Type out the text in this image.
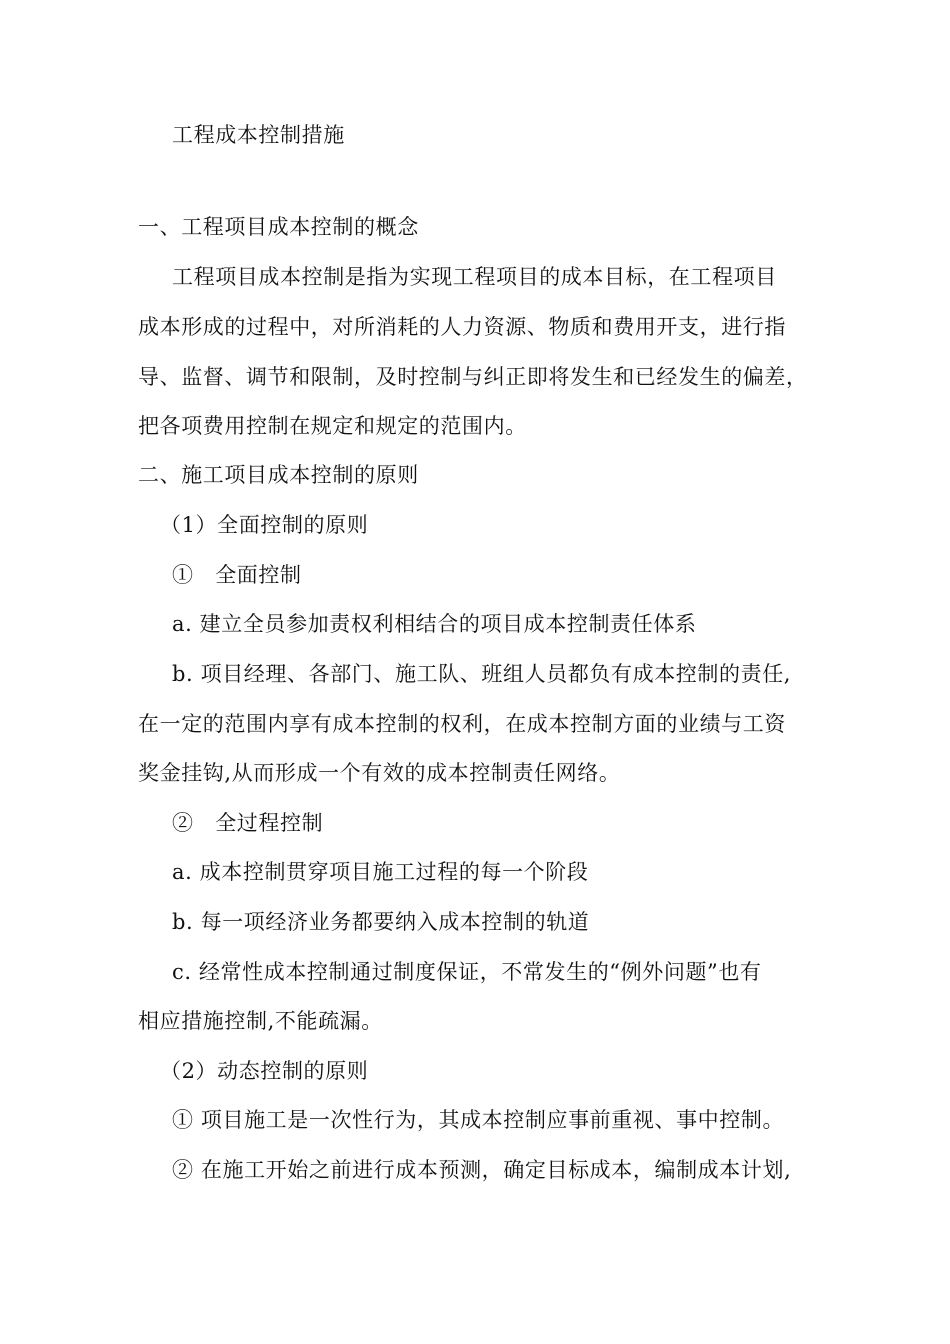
工程成本控制措施
一、工程项目成本控制的概念
工程项目成本控制是指为实现工程项目的成本目标，在工程项目
成本形成的过程中，对所消耗的人力资源、物质和费用开支，进行指
导、监督、调节和限制，及时控制与纠正即将发生和已经发生的偏差，
把各项费用控制在规定和规定的范围内。
二、施工项目成本控制的原则
（1）全面控制的原则
①　全面控制
a. 建立全员参加责权利相结合的项目成本控制责任体系
b. 项目经理、各部门、施工队、班组人员都负有成本控制的责任,
在一定的范围内享有成本控制的权利，在成本控制方面的业绩与工资
奖金挂钩,从而形成一个有效的成本控制责任网络。
②　全过程控制
a. 成本控制贯穿项目施工过程的每一个阶段
b. 每一项经济业务都要纳入成本控制的轨道
c. 经常性成本控制通过制度保证，不常发生的“例外问题”也有
相应措施控制,不能疏漏。
（2）动态控制的原则
① 项目施工是一次性行为，其成本控制应事前重视、事中控制。
② 在施工开始之前进行成本预测，确定目标成本，编制成本计划,
